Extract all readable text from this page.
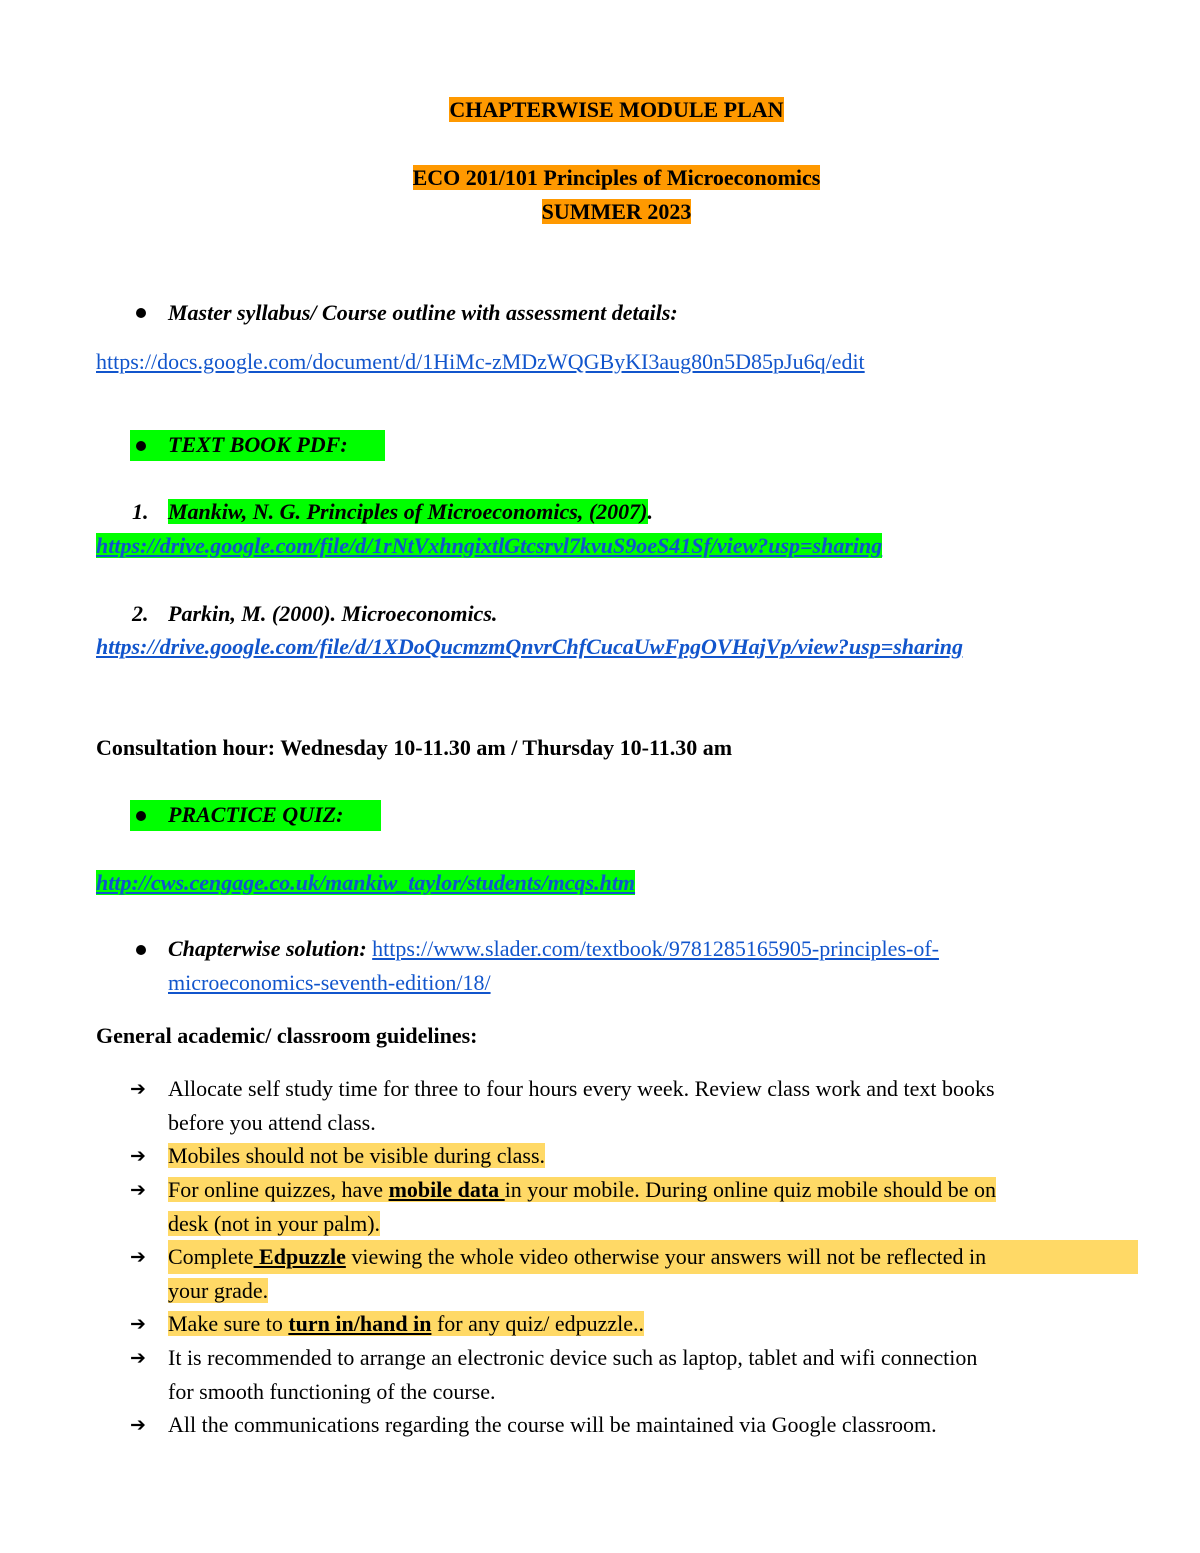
CHAPTERWISE MODULE PLAN
ECO 201/101 Principles of Microeconomics
SUMMER 2023
Master syllabus/ Course outline with assessment details:
https://docs.google.com/document/d/1HiMc-zMDzWQGByKI3aug80n5D85pJu6q/edit
TEXT BOOK PDF:
1. Mankiw, N. G. Principles of Microeconomics, (2007).
https://drive.google.com/file/d/1rNtVxhngixtlGtcsrvl7kvuS9oeS41Sf/view?usp=sharing
2. Parkin, M. (2000). Microeconomics.
https://drive.google.com/file/d/1XDoQucmzmQnvrChfCucaUwFpgOVHajVp/view?usp=sharing
Consultation hour: Wednesday 10-11.30 am / Thursday 10-11.30 am
PRACTICE QUIZ:
http://cws.cengage.co.uk/mankiw_taylor/students/mcqs.htm
Chapterwise solution: https://www.slader.com/textbook/9781285165905-principles-of-
microeconomics-seventh-edition/18/
General academic/ classroom guidelines:
➔ Allocate self study time for three to four hours every week. Review class work and text books
before you attend class.
➔ Mobiles should not be visible during class.
➔ For online quizzes, have mobile data in your mobile. During online quiz mobile should be on
desk (not in your palm).
➔ Complete Edpuzzle viewing the whole video otherwise your answers will not be reflected in
your grade.
➔ Make sure to turn in/hand in for any quiz/ edpuzzle..
➔ It is recommended to arrange an electronic device such as laptop, tablet and wifi connection
for smooth functioning of the course.
➔ All the communications regarding the course will be maintained via Google classroom.
